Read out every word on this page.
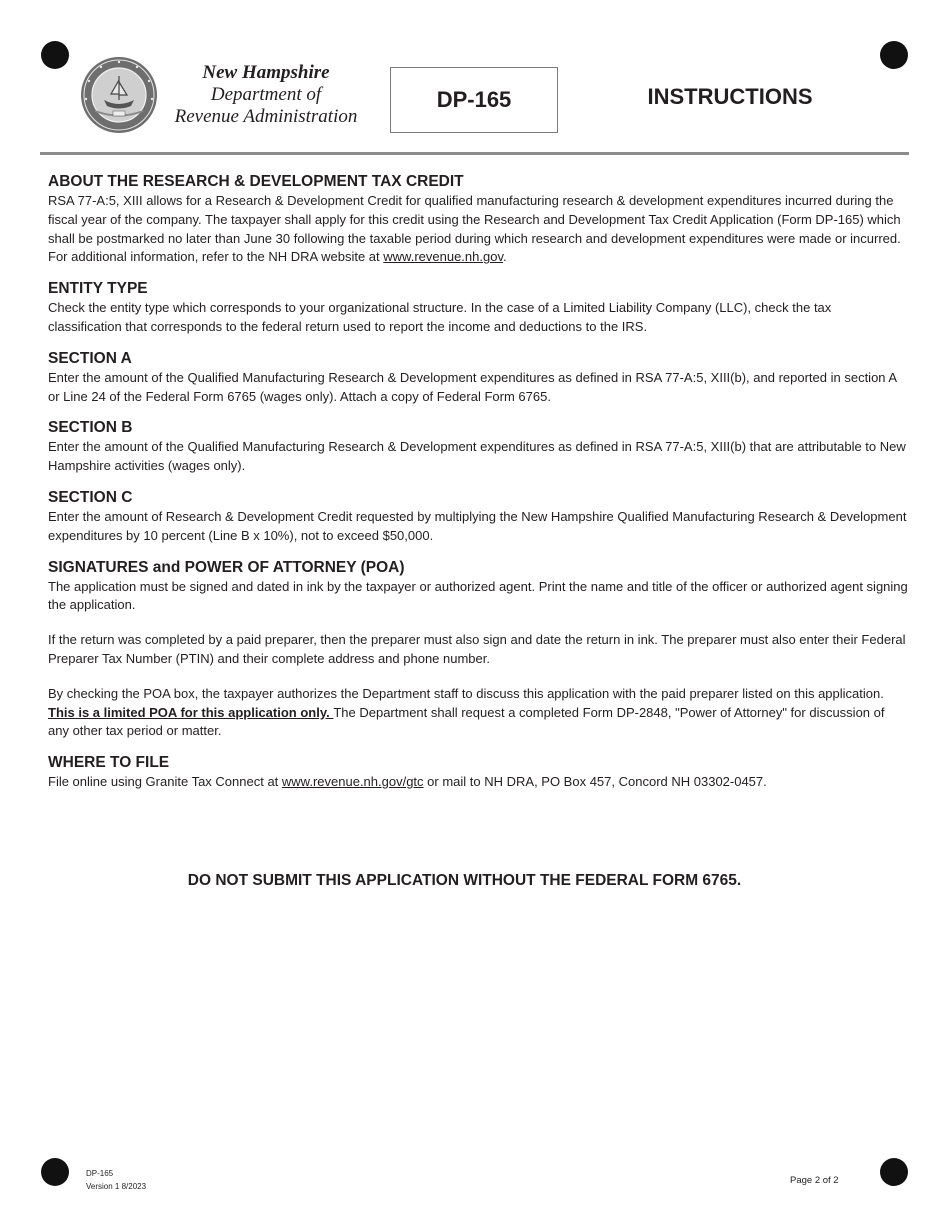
New Hampshire
Department of
Revenue Administration
DP-165	INSTRUCTIONS
ABOUT THE RESEARCH & DEVELOPMENT TAX CREDIT

RSA 77-A:5, XIII allows for a Research & Development Credit for qualified manufacturing research & development expenditures incurred during the fiscal year of the company. The taxpayer shall apply for this credit using the Research and Development Tax Credit Application (Form DP-165) which shall be postmarked no later than June 30 following the taxable period during which research and development expenditures were made or incurred. For additional information, refer to the NH DRA website at www.revenue.nh.gov.

ENTITY TYPE

Check the entity type which corresponds to your organizational structure. In the case of a Limited Liability Company (LLC), check the tax classification that corresponds to the federal return used to report the income and deductions to the IRS.

SECTION A

Enter the amount of the Qualified Manufacturing Research & Development expenditures as defined in RSA 77-A:5, XIII(b), and reported in section A or Line 24 of the Federal Form 6765 (wages only). Attach a copy of Federal Form 6765.

SECTION B

Enter the amount of the Qualified Manufacturing Research & Development expenditures as defined in RSA 77-A:5, XIII(b) that are attributable to New Hampshire activities (wages only).

SECTION C

Enter the amount of Research & Development Credit requested by multiplying the New Hampshire Qualified Manufacturing Research & Development expenditures by 10 percent (Line B x 10%), not to exceed $50,000.

SIGNATURES and POWER OF ATTORNEY (POA)

The application must be signed and dated in ink by the taxpayer or authorized agent. Print the name and title of the officer or authorized agent signing the application.

If the return was completed by a paid preparer, then the preparer must also sign and date the return in ink. The preparer must also enter their Federal Preparer Tax Number (PTIN) and their complete address and phone number.

By checking the POA box, the taxpayer authorizes the Department staff to discuss this application with the paid preparer listed on this application. This is a limited POA for this application only. The Department shall request a completed Form DP-2848, "Power of Attorney" for discussion of any other tax period or matter.

WHERE TO FILE

File online using Granite Tax Connect at www.revenue.nh.gov/gtc or mail to NH DRA, PO Box 457, Concord NH 03302-0457.

DO NOT SUBMIT THIS APPLICATION WITHOUT THE FEDERAL FORM 6765.
DP-165
Version 1 8/2023
Page 2 of 2
